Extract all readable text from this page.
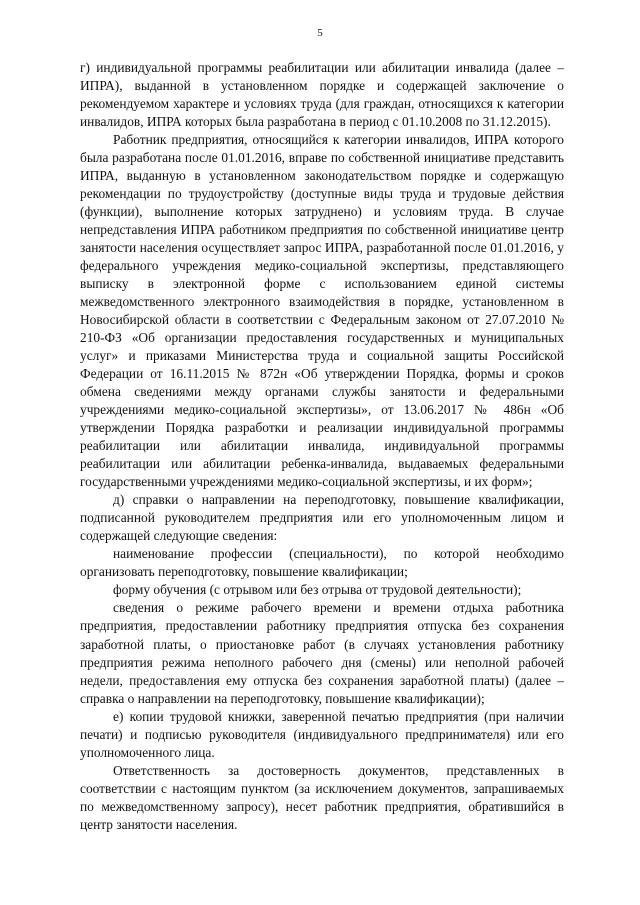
5

г) индивидуальной программы реабилитации или абилитации инвалида (далее – ИПРА), выданной в установленном порядке и содержащей заключение о рекомендуемом характере и условиях труда (для граждан, относящихся к категории инвалидов, ИПРА которых была разработана в период с 01.10.2008 по 31.12.2015).

Работник предприятия, относящийся к категории инвалидов, ИПРА которого была разработана после 01.01.2016, вправе по собственной инициативе представить ИПРА, выданную в установленном законодательством порядке и содержащую рекомендации по трудоустройству (доступные виды труда и трудовые действия (функции), выполнение которых затруднено) и условиям труда. В случае непредставления ИПРА работником предприятия по собственной инициативе центр занятости населения осуществляет запрос ИПРА, разработанной после 01.01.2016, у федерального учреждения медико-социальной экспертизы, представляющего выписку в электронной форме с использованием единой системы межведомственного электронного взаимодействия в порядке, установленном в Новосибирской области в соответствии с Федеральным законом от 27.07.2010 № 210-ФЗ «Об организации предоставления государственных и муниципальных услуг» и приказами Министерства труда и социальной защиты Российской Федерации от 16.11.2015 № 872н «Об утверждении Порядка, формы и сроков обмена сведениями между органами службы занятости и федеральными учреждениями медико-социальной экспертизы», от 13.06.2017 № 486н «Об утверждении Порядка разработки и реализации индивидуальной программы реабилитации или абилитации инвалида, индивидуальной программы реабилитации или абилитации ребенка-инвалида, выдаваемых федеральными государственными учреждениями медико-социальной экспертизы, и их форм»;

д) справки о направлении на переподготовку, повышение квалификации, подписанной руководителем предприятия или его уполномоченным лицом и содержащей следующие сведения:

наименование профессии (специальности), по которой необходимо организовать переподготовку, повышение квалификации;

форму обучения (с отрывом или без отрыва от трудовой деятельности);

сведения о режиме рабочего времени и времени отдыха работника предприятия, предоставлении работнику предприятия отпуска без сохранения заработной платы, о приостановке работ (в случаях установления работнику предприятия режима неполного рабочего дня (смены) или неполной рабочей недели, предоставления ему отпуска без сохранения заработной платы) (далее – справка о направлении на переподготовку, повышение квалификации);

е) копии трудовой книжки, заверенной печатью предприятия (при наличии печати) и подписью руководителя (индивидуального предпринимателя) или его уполномоченного лица.

Ответственность за достоверность документов, представленных в соответствии с настоящим пунктом (за исключением документов, запрашиваемых по межведомственному запросу), несет работник предприятия, обратившийся в центр занятости населения.
